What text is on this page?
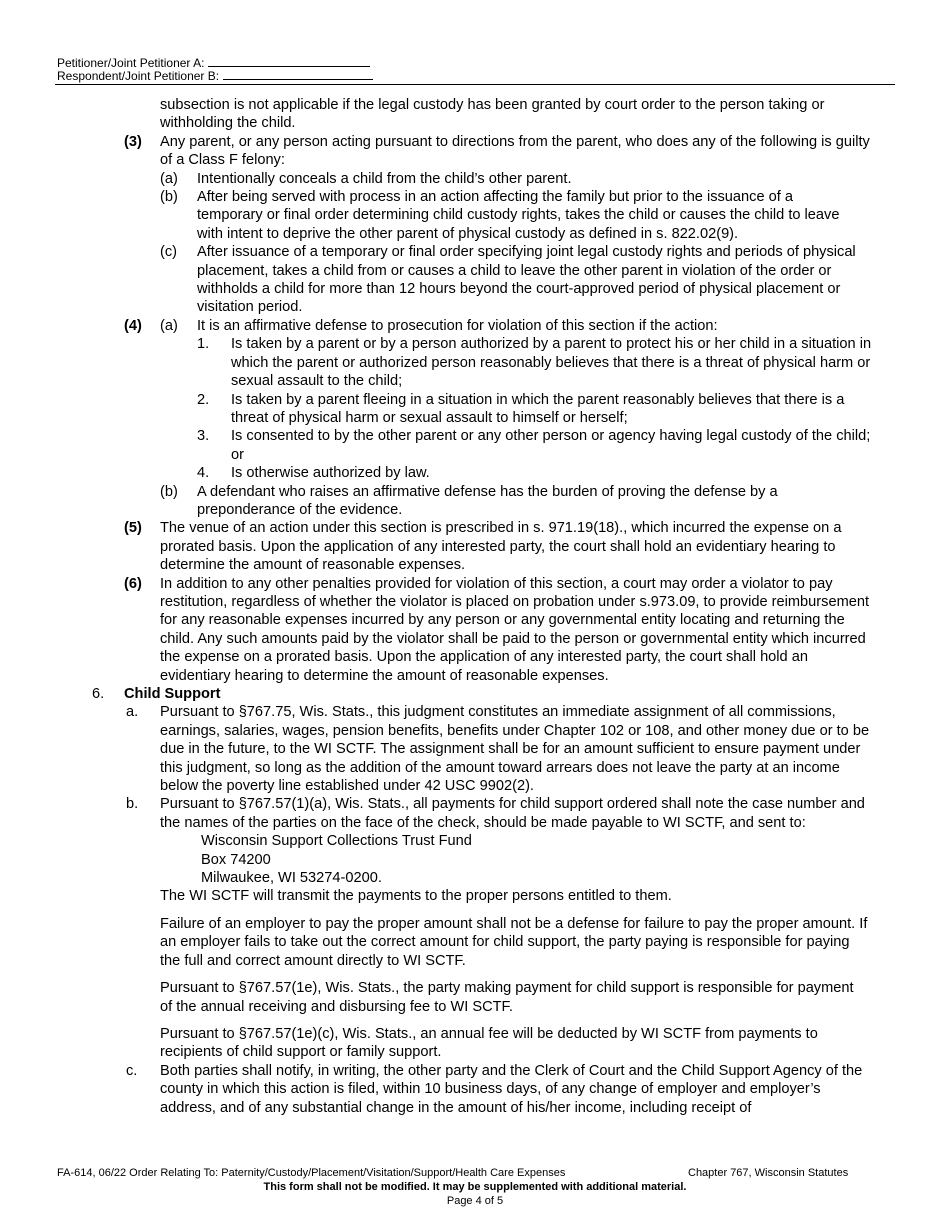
Petitioner/Joint Petitioner A:
Respondent/Joint Petitioner B:
subsection is not applicable if the legal custody has been granted by court order to the person taking or withholding the child.
(3) Any parent, or any person acting pursuant to directions from the parent, who does any of the following is guilty of a Class F felony:
(a) Intentionally conceals a child from the child’s other parent.
(b) After being served with process in an action affecting the family but prior to the issuance of a temporary or final order determining child custody rights, takes the child or causes the child to leave with intent to deprive the other parent of physical custody as defined in s. 822.02(9).
(c) After issuance of a temporary or final order specifying joint legal custody rights and periods of physical placement, takes a child from or causes a child to leave the other parent in violation of the order or withholds a child for more than 12 hours beyond the court-approved period of physical placement or visitation period.
(4) (a) It is an affirmative defense to prosecution for violation of this section if the action:
1. Is taken by a parent or by a person authorized by a parent to protect his or her child in a situation in which the parent or authorized person reasonably believes that there is a threat of physical harm or sexual assault to the child;
2. Is taken by a parent fleeing in a situation in which the parent reasonably believes that there is a threat of physical harm or sexual assault to himself or herself;
3. Is consented to by the other parent or any other person or agency having legal custody of the child; or
4. Is otherwise authorized by law.
(b) A defendant who raises an affirmative defense has the burden of proving the defense by a preponderance of the evidence.
(5) The venue of an action under this section is prescribed in s. 971.19(18)., which incurred the expense on a prorated basis. Upon the application of any interested party, the court shall hold an evidentiary hearing to determine the amount of reasonable expenses.
(6) In addition to any other penalties provided for violation of this section, a court may order a violator to pay restitution, regardless of whether the violator is placed on probation under s.973.09, to provide reimbursement for any reasonable expenses incurred by any person or any governmental entity locating and returning the child. Any such amounts paid by the violator shall be paid to the person or governmental entity which incurred the expense on a prorated basis. Upon the application of any interested party, the court shall hold an evidentiary hearing to determine the amount of reasonable expenses.
6. Child Support
a. Pursuant to §767.75, Wis. Stats., this judgment constitutes an immediate assignment of all commissions, earnings, salaries, wages, pension benefits, benefits under Chapter 102 or 108, and other money due or to be due in the future, to the WI SCTF. The assignment shall be for an amount sufficient to ensure payment under this judgment, so long as the addition of the amount toward arrears does not leave the party at an income below the poverty line established under 42 USC 9902(2).
b. Pursuant to §767.57(1)(a), Wis. Stats., all payments for child support ordered shall note the case number and the names of the parties on the face of the check, should be made payable to WI SCTF, and sent to:
Wisconsin Support Collections Trust Fund
Box 74200
Milwaukee, WI 53274-0200.
The WI SCTF will transmit the payments to the proper persons entitled to them.
Failure of an employer to pay the proper amount shall not be a defense for failure to pay the proper amount. If an employer fails to take out the correct amount for child support, the party paying is responsible for paying the full and correct amount directly to WI SCTF.
Pursuant to §767.57(1e), Wis. Stats., the party making payment for child support is responsible for payment of the annual receiving and disbursing fee to WI SCTF.
Pursuant to §767.57(1e)(c), Wis. Stats., an annual fee will be deducted by WI SCTF from payments to recipients of child support or family support.
c. Both parties shall notify, in writing, the other party and the Clerk of Court and the Child Support Agency of the county in which this action is filed, within 10 business days, of any change of employer and employer’s address, and of any substantial change in the amount of his/her income, including receipt of
FA-614, 06/22 Order Relating To: Paternity/Custody/Placement/Visitation/Support/Health Care Expenses	Chapter 767, Wisconsin Statutes
This form shall not be modified. It may be supplemented with additional material.
Page 4 of 5
